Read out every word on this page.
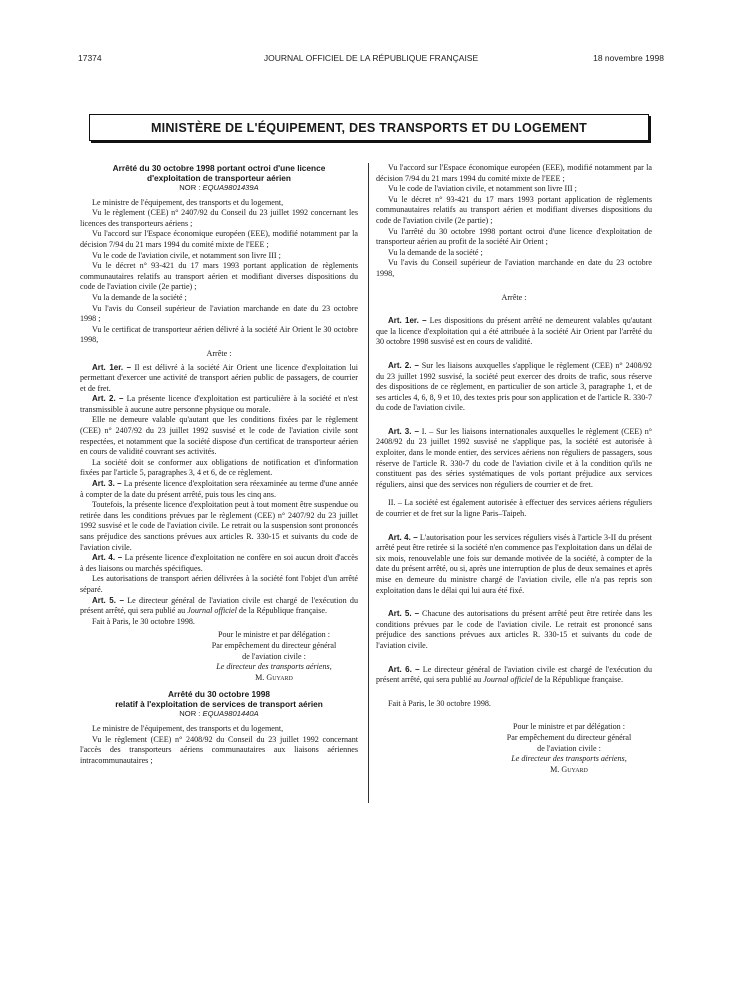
17374	JOURNAL OFFICIEL DE LA RÉPUBLIQUE FRANÇAISE	18 novembre 1998
MINISTÈRE DE L'ÉQUIPEMENT, DES TRANSPORTS ET DU LOGEMENT

Arrêté du 30 octobre 1998 portant octroi d'une licence

d'exploitation de transporteur aérien

NOR : EQUA9801439A

Le ministre de l'équipement, des transports et du logement,

Vu le règlement (CEE) n° 2407/92 du Conseil du 23 juillet 1992 concernant les licences des transporteurs aériens ;

Vu l'accord sur l'Espace économique européen (EEE), modifié notamment par la décision 7/94 du 21 mars 1994 du comité mixte de l'EEE ;

Vu le code de l'aviation civile, et notamment son livre III ;

Vu le décret n° 93-421 du 17 mars 1993 portant application de règlements communautaires relatifs au transport aérien et modifiant diverses dispositions du code de l'aviation civile (2e partie) ;

Vu la demande de la société ;

Vu l'avis du Conseil supérieur de l'aviation marchande en date du 23 octobre 1998 ;

Vu le certificat de transporteur aérien délivré à la société Air Orient le 30 octobre 1998,

Arrête :

Art. 1er. – Il est délivré à la société Air Orient une licence d'exploitation lui permettant d'exercer une activité de transport aérien public de passagers, de courrier et de fret.

Art. 2. – La présente licence d'exploitation est particulière à la société et n'est transmissible à aucune autre personne physique ou morale.

Elle ne demeure valable qu'autant que les conditions fixées par le règlement (CEE) n° 2407/92 du 23 juillet 1992 susvisé et le code de l'aviation civile sont respectées, et notamment que la société dispose d'un certificat de transporteur aérien en cours de validité couvrant ses activités.

La société doit se conformer aux obligations de notification et d'information fixées par l'article 5, paragraphes 3, 4 et 6, de ce règlement.

Art. 3. – La présente licence d'exploitation sera réexaminée au terme d'une année à compter de la date du présent arrêté, puis tous les cinq ans.

Toutefois, la présente licence d'exploitation peut à tout moment être suspendue ou retirée dans les conditions prévues par le règlement (CEE) n° 2407/92 du 23 juillet 1992 susvisé et le code de l'aviation civile. Le retrait ou la suspension sont prononcés sans préjudice des sanctions prévues aux articles R. 330-15 et suivants du code de l'aviation civile.

Art. 4. – La présente licence d'exploitation ne confère en soi aucun droit d'accès à des liaisons ou marchés spécifiques.

Les autorisations de transport aérien délivrées à la société font l'objet d'un arrêté séparé.

Art. 5. – Le directeur général de l'aviation civile est chargé de l'exécution du présent arrêté, qui sera publié au Journal officiel de la République française.

Fait à Paris, le 30 octobre 1998.

Pour le ministre et par délégation :

Par empêchement du directeur général

de l'aviation civile :

Le directeur des transports aériens,

M. Guyard

Arrêté du 30 octobre 1998

relatif à l'exploitation de services de transport aérien

NOR : EQUA9801440A

Le ministre de l'équipement, des transports et du logement,

Vu le règlement (CEE) n° 2408/92 du Conseil du 23 juillet 1992 concernant l'accès des transporteurs aériens communautaires aux liaisons aériennes intracommunautaires ;

Vu l'accord sur l'Espace économique européen (EEE), modifié notamment par la décision 7/94 du 21 mars 1994 du comité mixte de l'EEE ;

Vu le code de l'aviation civile, et notamment son livre III ;

Vu le décret n° 93-421 du 17 mars 1993 portant application de règlements communautaires relatifs au transport aérien et modifiant diverses dispositions du code de l'aviation civile (2e partie) ;

Vu l'arrêté du 30 octobre 1998 portant octroi d'une licence d'exploitation de transporteur aérien au profit de la société Air Orient ;

Vu la demande de la société ;

Vu l'avis du Conseil supérieur de l'aviation marchande en date du 23 octobre 1998,

Arrête :

Art. 1er. – Les dispositions du présent arrêté ne demeurent valables qu'autant que la licence d'exploitation qui a été attribuée à la société Air Orient par l'arrêté du 30 octobre 1998 susvisé est en cours de validité.

Art. 2. – Sur les liaisons auxquelles s'applique le règlement (CEE) n° 2408/92 du 23 juillet 1992 susvisé, la société peut exercer des droits de trafic, sous réserve des dispositions de ce règlement, en particulier de son article 3, paragraphe 1, et de ses articles 4, 6, 8, 9 et 10, des textes pris pour son application et de l'article R. 330-7 du code de l'aviation civile.

Art. 3. – I. – Sur les liaisons internationales auxquelles le règlement (CEE) n° 2408/92 du 23 juillet 1992 susvisé ne s'applique pas, la société est autorisée à exploiter, dans le monde entier, des services aériens non réguliers de passagers, sous réserve de l'article R. 330-7 du code de l'aviation civile et à la condition qu'ils ne constituent pas des séries systématiques de vols portant préjudice aux services réguliers, ainsi que des services non réguliers de courrier et de fret.

II. – La société est également autorisée à effectuer des services aériens réguliers de courrier et de fret sur la ligne Paris–Taipeh.

Art. 4. – L'autorisation pour les services réguliers visés à l'article 3-II du présent arrêté peut être retirée si la société n'en commence pas l'exploitation dans un délai de six mois, renouvelable une fois sur demande motivée de la société, à compter de la date du présent arrêté, ou si, après une interruption de plus de deux semaines et après mise en demeure du ministre chargé de l'aviation civile, elle n'a pas repris son exploitation dans le délai qui lui aura été fixé.

Art. 5. – Chacune des autorisations du présent arrêté peut être retirée dans les conditions prévues par le code de l'aviation civile. Le retrait est prononcé sans préjudice des sanctions prévues aux articles R. 330-15 et suivants du code de l'aviation civile.

Art. 6. – Le directeur général de l'aviation civile est chargé de l'exécution du présent arrêté, qui sera publié au Journal officiel de la République française.

Fait à Paris, le 30 octobre 1998.

Pour le ministre et par délégation :

Par empêchement du directeur général

de l'aviation civile :

Le directeur des transports aériens,

M. Guyard
